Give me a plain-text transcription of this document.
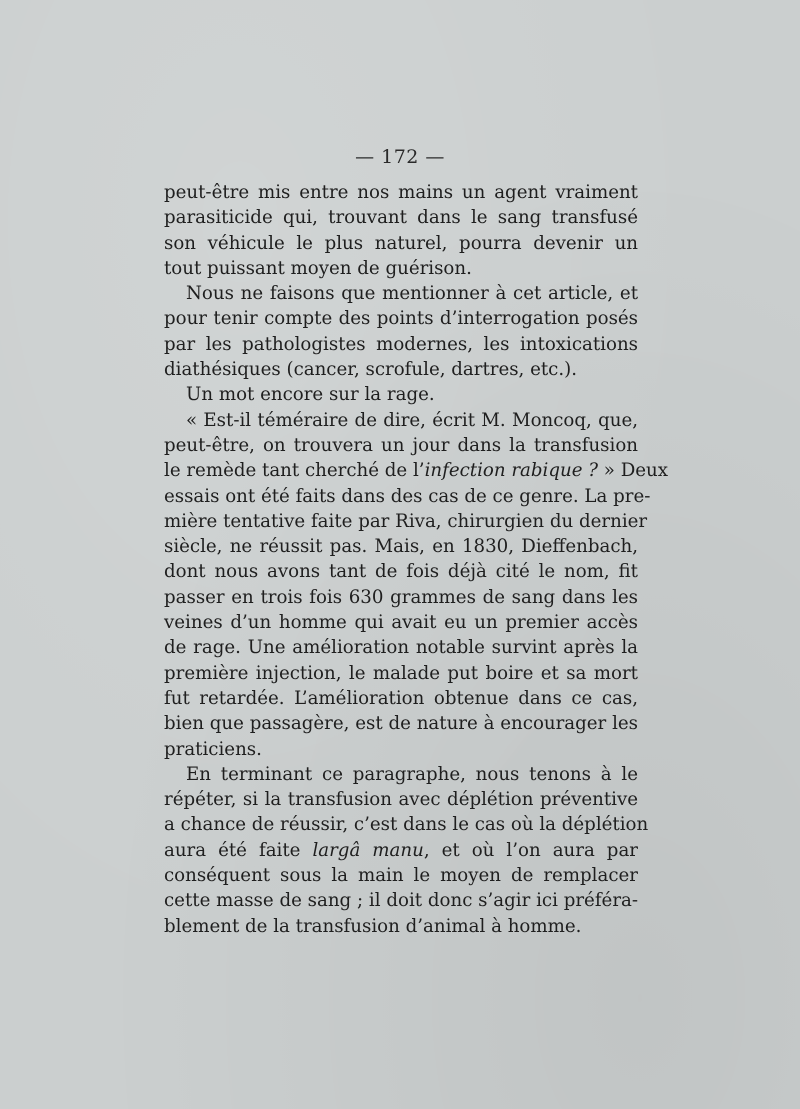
— 172 —
peut-être mis entre nos mains un agent vraiment
parasiticide qui, trouvant dans le sang transfusé
son véhicule le plus naturel, pourra devenir un
tout puissant moyen de guérison.
Nous ne faisons que mentionner à cet article, et
pour tenir compte des points d’interrogation posés
par les pathologistes modernes, les intoxications
diathésiques (cancer, scrofule, dartres, etc.).
Un mot encore sur la rage.
« Est-il téméraire de dire, écrit M. Moncoq, que,
peut-être, on trouvera un jour dans la transfusion
le remède tant cherché de l’infection rabique ? » Deux
essais ont été faits dans des cas de ce genre. La pre-
mière tentative faite par Riva, chirurgien du dernier
siècle, ne réussit pas. Mais, en 1830, Dieffenbach,
dont nous avons tant de fois déjà cité le nom, fit
passer en trois fois 630 grammes de sang dans les
veines d’un homme qui avait eu un premier accès
de rage. Une amélioration notable survint après la
première injection, le malade put boire et sa mort
fut retardée. L’amélioration obtenue dans ce cas,
bien que passagère, est de nature à encourager les
praticiens.
En terminant ce paragraphe, nous tenons à le
répéter, si la transfusion avec déplétion préventive
a chance de réussir, c’est dans le cas où la déplétion
aura été faite largâ manu, et où l’on aura par
conséquent sous la main le moyen de remplacer
cette masse de sang ; il doit donc s’agir ici préféra-
blement de la transfusion d’animal à homme.
